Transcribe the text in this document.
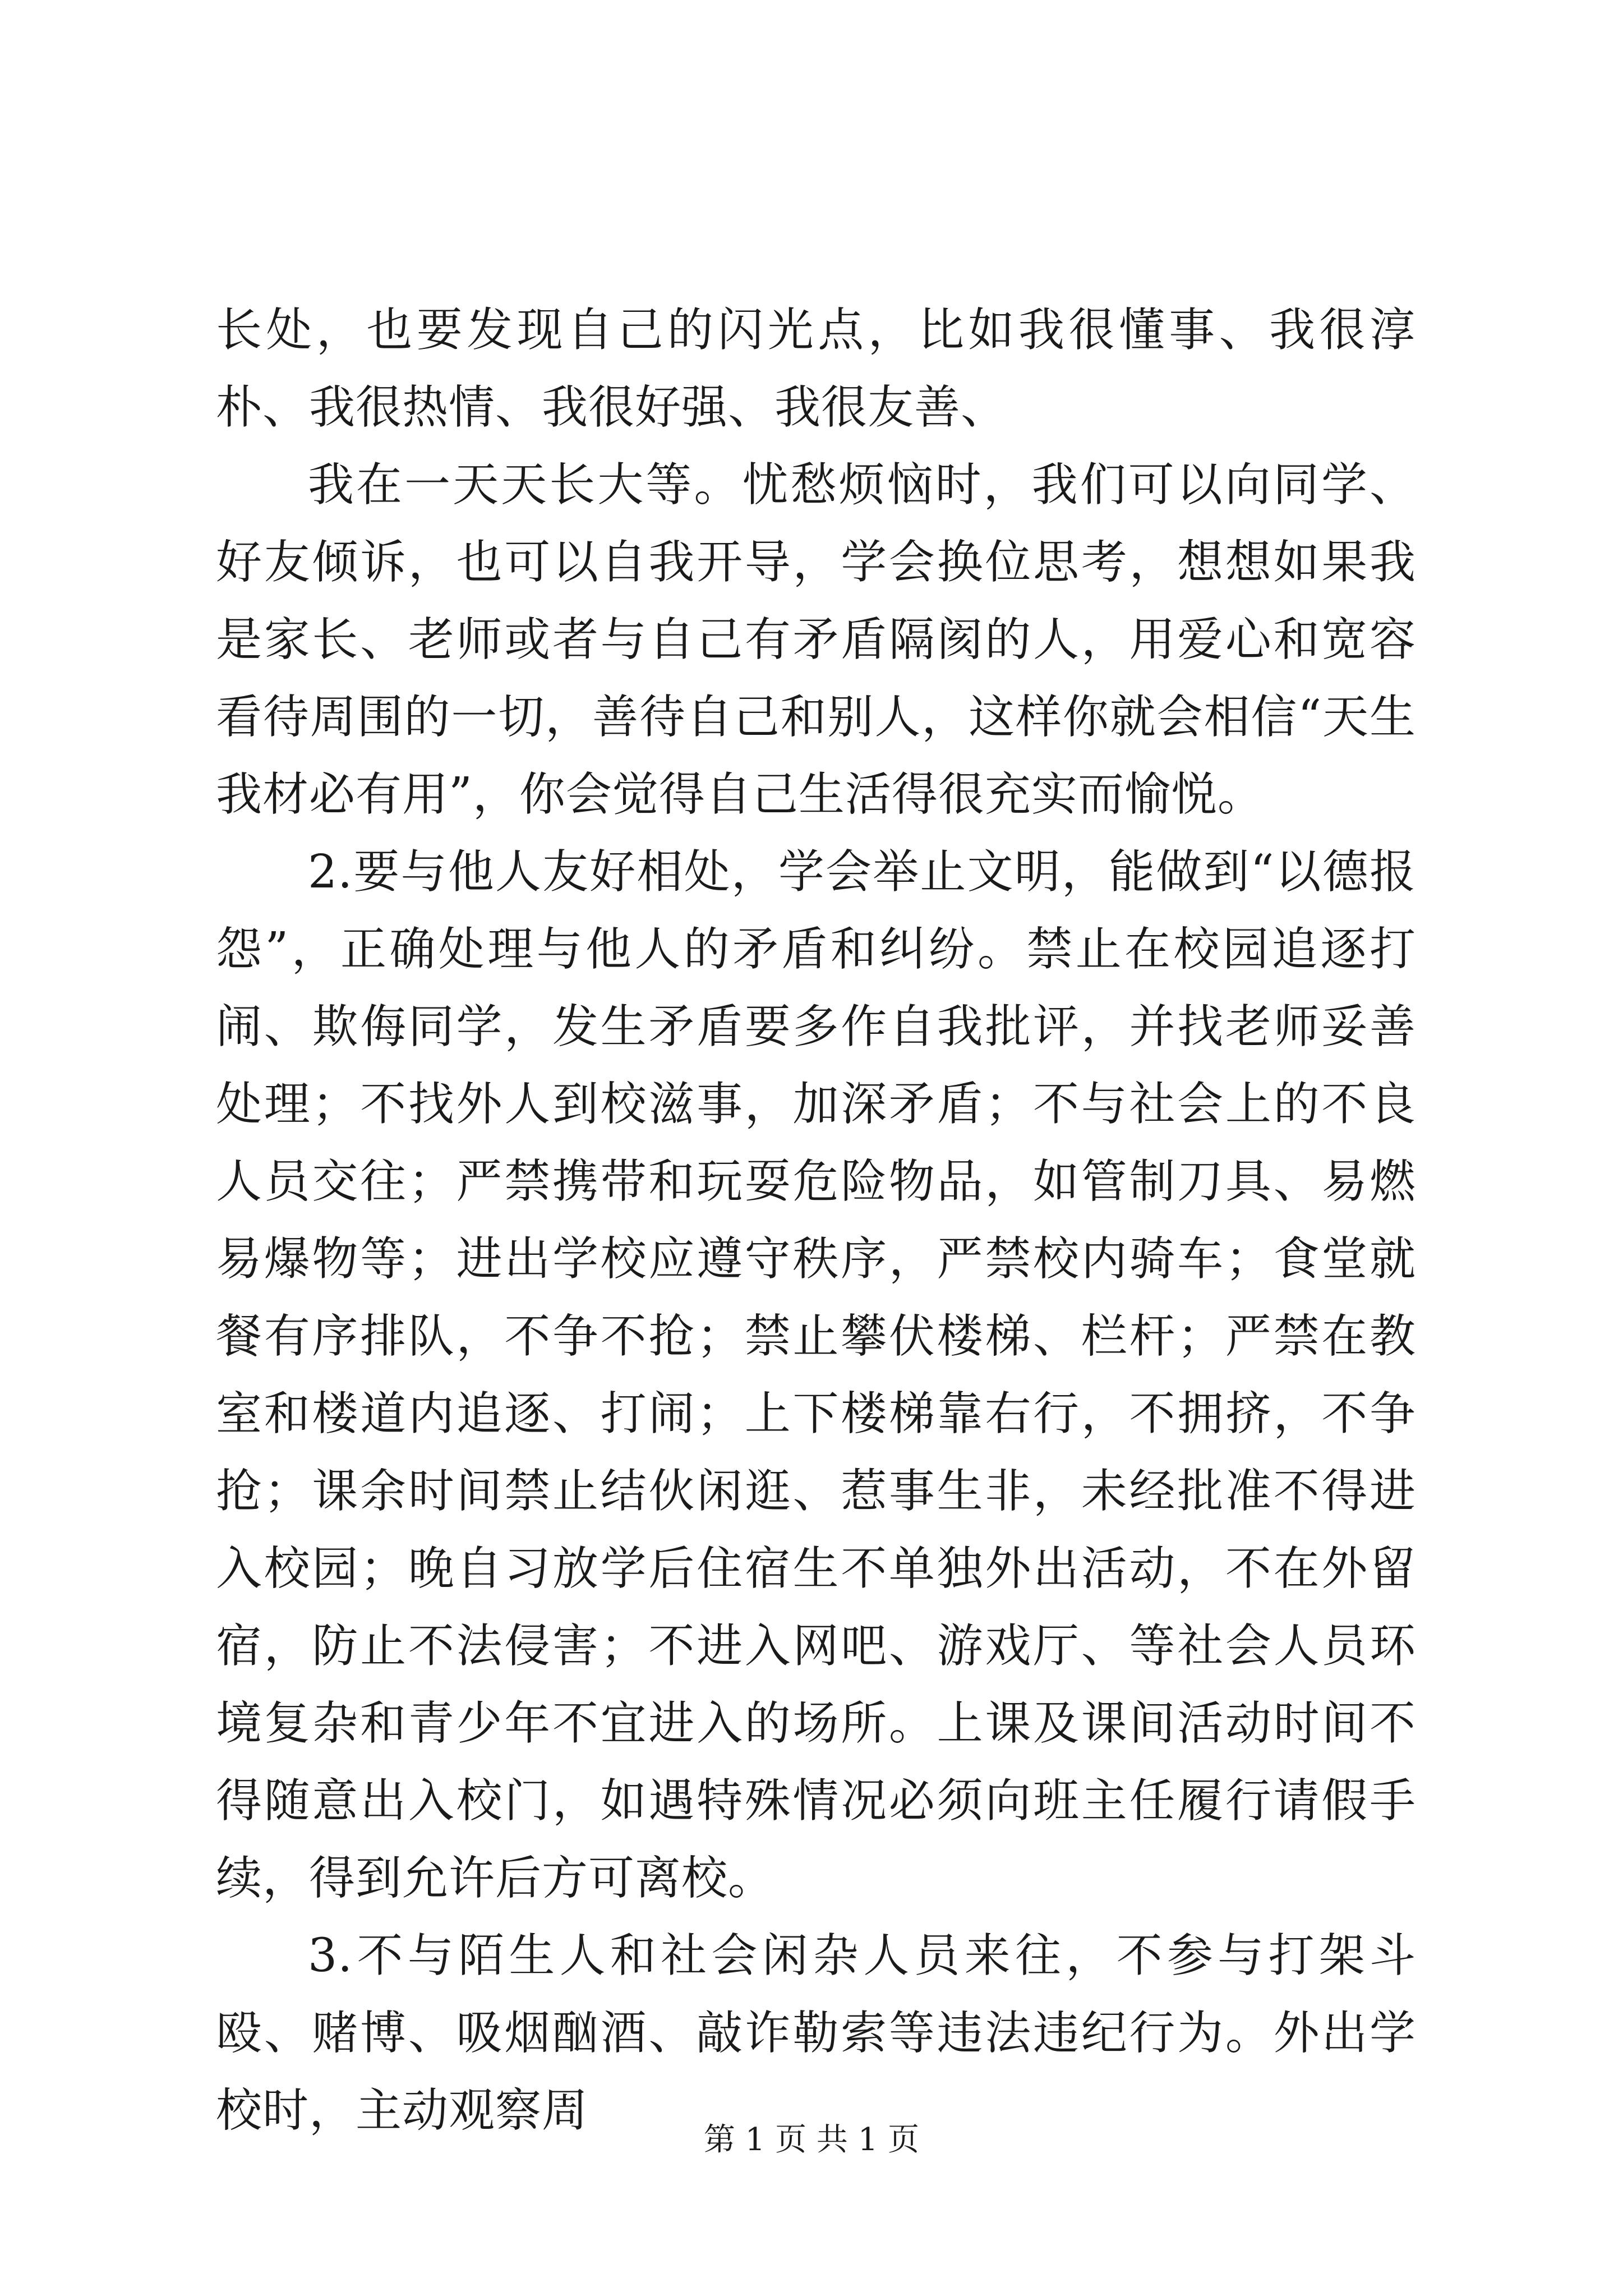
长处，也要发现自己的闪光点，比如我很懂事、我很淳朴、我很热情、我很好强、我很友善、

我在一天天长大等。忧愁烦恼时，我们可以向同学、好友倾诉，也可以自我开导，学会换位思考，想想如果我是家长、老师或者与自己有矛盾隔阂的人，用爱心和宽容看待周围的一切，善待自己和别人，这样你就会相信“天生我材必有用”，你会觉得自己生活得很充实而愉悦。

2.要与他人友好相处，学会举止文明，能做到“以德报怨”，正确处理与他人的矛盾和纠纷。禁止在校园追逐打闹、欺侮同学，发生矛盾要多作自我批评，并找老师妥善处理；不找外人到校滋事，加深矛盾；不与社会上的不良人员交往；严禁携带和玩耍危险物品，如管制刀具、易燃易爆物等；进出学校应遵守秩序，严禁校内骑车；食堂就餐有序排队，不争不抢；禁止攀伏楼梯、栏杆；严禁在教室和楼道内追逐、打闹；上下楼梯靠右行，不拥挤，不争抢；课余时间禁止结伙闲逛、惹事生非，未经批准不得进入校园；晚自习放学后住宿生不单独外出活动，不在外留宿，防止不法侵害；不进入网吧、游戏厅、等社会人员环境复杂和青少年不宜进入的场所。上课及课间活动时间不得随意出入校门，如遇特殊情况必须向班主任履行请假手续，得到允许后方可离校。

3.不与陌生人和社会闲杂人员来往，不参与打架斗殴、赌博、吸烟酗酒、敲诈勒索等违法违纪行为。外出学校时，主动观察周

第 1 页 共 1 页
